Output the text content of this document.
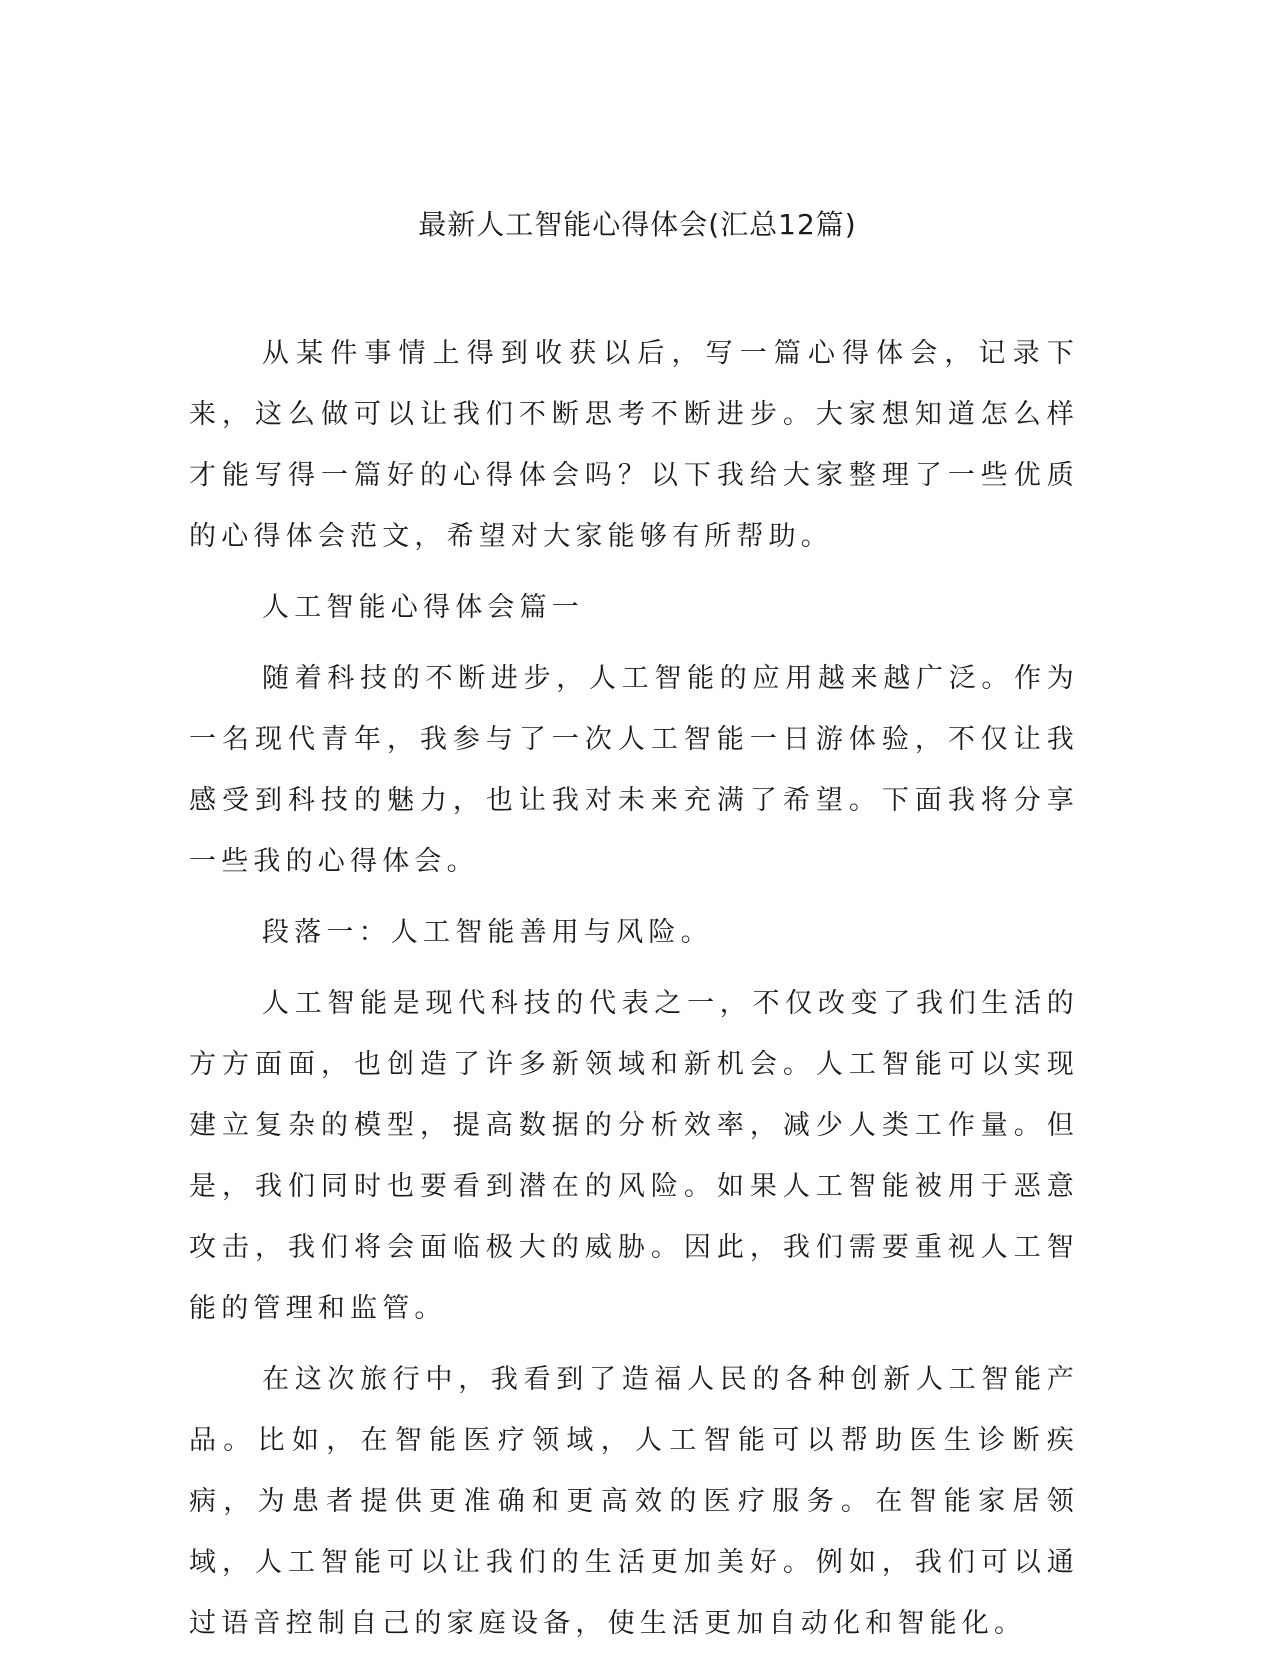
最新人工智能心得体会(汇总12篇)

从某件事情上得到收获以后，写一篇心得体会，记录下来，这么做可以让我们不断思考不断进步。大家想知道怎么样才能写得一篇好的心得体会吗？以下我给大家整理了一些优质的心得体会范文，希望对大家能够有所帮助。

人工智能心得体会篇一

随着科技的不断进步，人工智能的应用越来越广泛。作为一名现代青年，我参与了一次人工智能一日游体验，不仅让我感受到科技的魅力，也让我对未来充满了希望。下面我将分享一些我的心得体会。

段落一：人工智能善用与风险。

人工智能是现代科技的代表之一，不仅改变了我们生活的方方面面，也创造了许多新领域和新机会。人工智能可以实现建立复杂的模型，提高数据的分析效率，减少人类工作量。但是，我们同时也要看到潜在的风险。如果人工智能被用于恶意攻击，我们将会面临极大的威胁。因此，我们需要重视人工智能的管理和监管。

在这次旅行中，我看到了造福人民的各种创新人工智能产品。比如，在智能医疗领域，人工智能可以帮助医生诊断疾病，为患者提供更准确和更高效的医疗服务。在智能家居领域，人工智能可以让我们的生活更加美好。例如，我们可以通过语音控制自己的家庭设备，使生活更加自动化和智能化。
